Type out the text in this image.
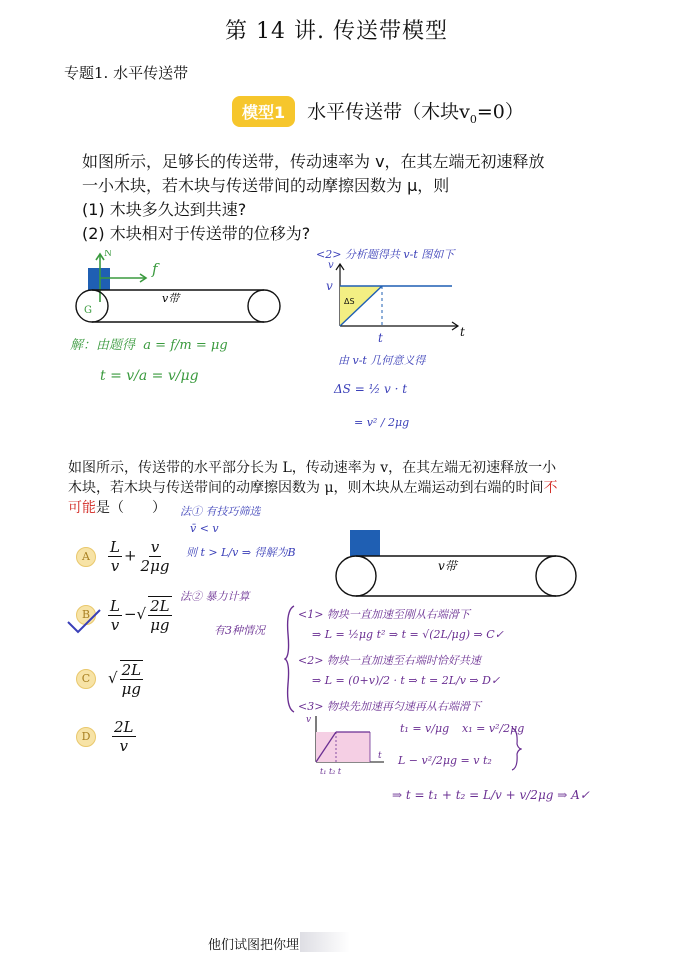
第 14 讲. 传送带模型
专题1. 水平传送带
模型1	水平传送带（木块$v_0=0$）
如图所示，足够长的传送带，传动速率为 v，在其左端无初速释放
一小木块，若木块与传送带间的动摩擦因数为 μ，则
(1) 木块多久达到共速?
(2) 木块相对于传送带的位移为?
f
N
G
v带
解：由题得 a = f/m = μg
t = v/a = v/μg
<2> 分析题得共 v-t 图如下
v
v
t
t
ΔS
由 v-t 几何意义得
ΔS = ½ v · t
= v² / 2μg
如图所示，传送带的水平部分长为 L，传动速率为 v，在其左端无初速释放一小
木块，若木块与传送带间的动摩擦因数为 μ，则木块从左端运动到右端的时间不
可能是（　　）
A	$\frac{L}{v} + \frac{v}{2\mu g}$
B	$\frac{L}{v}$ −√ $\frac{2L}{\mu g}$
C	√ $\frac{2L}{\mu g}$
D	$\frac{2L}{v}$
法① 有技巧筛选
v̄ < v
则 t > L/v ⇒ 得解为B
v带
法② 暴力计算
有3种情况
<1> 物块一直加速至刚从右端滑下
⇒ L = ½μg t² ⇒ t = √(2L/μg) ⇒ C✓
<2> 物块一直加速至右端时恰好共速
⇒ L = (0+v)/2 · t ⇒ t = 2L/v ⇒ D✓
<3> 物块先加速再匀速再从右端滑下
v
t
t₁ t₂ t
t₁ = v/μg x₁ = v²/2μg
L − v²/2μg = v t₂
⇒ t = t₁ + t₂ = L/v + v/2μg ⇒ A✓
他们试图把你埋
